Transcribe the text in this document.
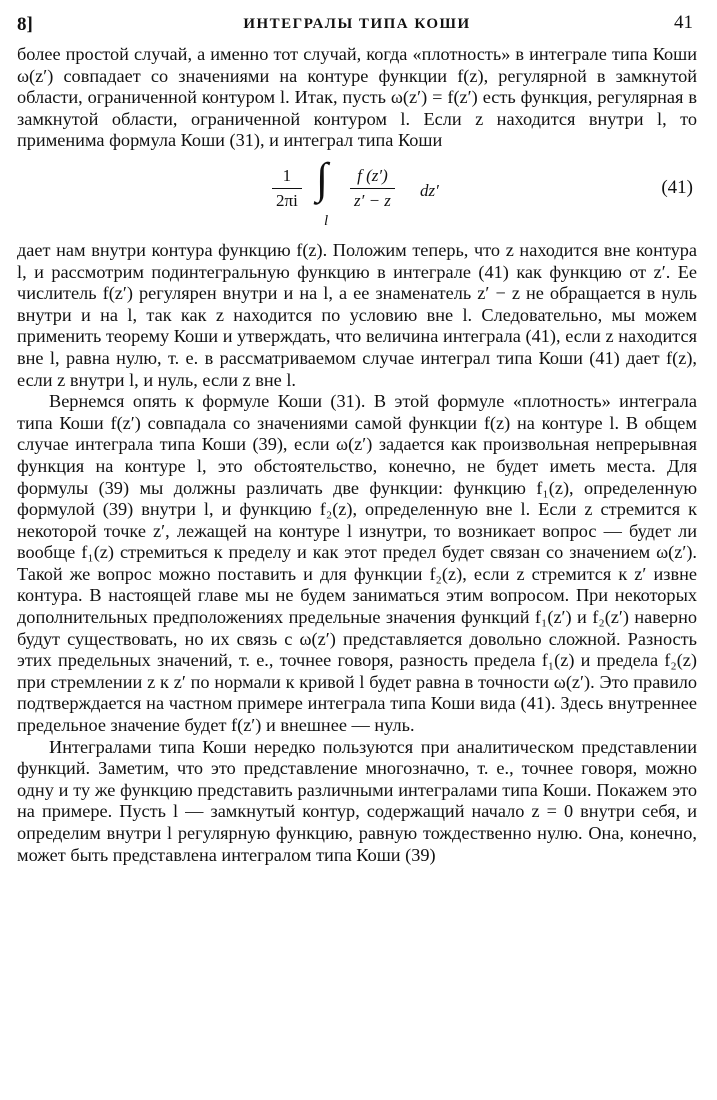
8]	ИНТЕГРАЛЫ ТИПА КОШИ	41

более простой случай, а именно тот случай, когда «плотность» в интеграле типа Коши ω(z′) совпадает со значениями на контуре функции f(z), регулярной в замкнутой области, ограниченной контуром l. Итак, пусть ω(z′) = f(z′) есть функция, регулярная в замкнутой области, ограниченной контуром l. Если z находится внутри l, то применима формула Коши (31), и интеграл типа Коши

$\frac{1}{2\pi i}$ ∫
l
$\frac{f (z')}{z' - z} dz'$	(41)

дает нам внутри контура функцию f(z). Положим теперь, что z находится вне контура l, и рассмотрим подинтегральную функцию в интеграле (41) как функцию от z′. Ее числитель f(z′) регулярен внутри и на l, а ее знаменатель z′ − z не обращается в нуль внутри и на l, так как z находится по условию вне l. Следовательно, мы можем применить теорему Коши и утверждать, что величина интеграла (41), если z находится вне l, равна нулю, т. е. в рассматриваемом случае интеграл типа Коши (41) дает f(z), если z внутри l, и нуль, если z вне l.

Вернемся опять к формуле Коши (31). В этой формуле «плотность» интеграла типа Коши f(z′) совпадала со значениями самой функции f(z) на контуре l. В общем случае интеграла типа Коши (39), если ω(z′) задается как произвольная непрерывная функция на контуре l, это обстоятельство, конечно, не будет иметь места. Для формулы (39) мы должны различать две функции: функцию f₁(z), определенную формулой (39) внутри l, и функцию f₂(z), определенную вне l. Если z стремится к некоторой точке z′, лежащей на контуре l изнутри, то возникает вопрос — будет ли вообще f₁(z) стремиться к пределу и как этот предел будет связан со значением ω(z′). Такой же вопрос можно поставить и для функции f₂(z), если z стремится к z′ извне контура. В настоящей главе мы не будем заниматься этим вопросом. При некоторых дополнительных предположениях предельные значения функций f₁(z′) и f₂(z′) наверно будут существовать, но их связь с ω(z′) представляется довольно сложной. Разность этих предельных значений, т. е., точнее говоря, разность предела f₁(z) и предела f₂(z) при стремлении z к z′ по нормали к кривой l будет равна в точности ω(z′). Это правило подтверждается на частном примере интеграла типа Коши вида (41). Здесь внутреннее предельное значение будет f(z′) и внешнее — нуль.

Интегралами типа Коши нередко пользуются при аналитическом представлении функций. Заметим, что это представление многозначно, т. е., точнее говоря, можно одну и ту же функцию представить различными интегралами типа Коши. Покажем это на примере. Пусть l — замкнутый контур, содержащий начало z = 0 внутри себя, и определим внутри l регулярную функцию, равную тождественно нулю. Она, конечно, может быть представлена интегралом типа Коши (39)
